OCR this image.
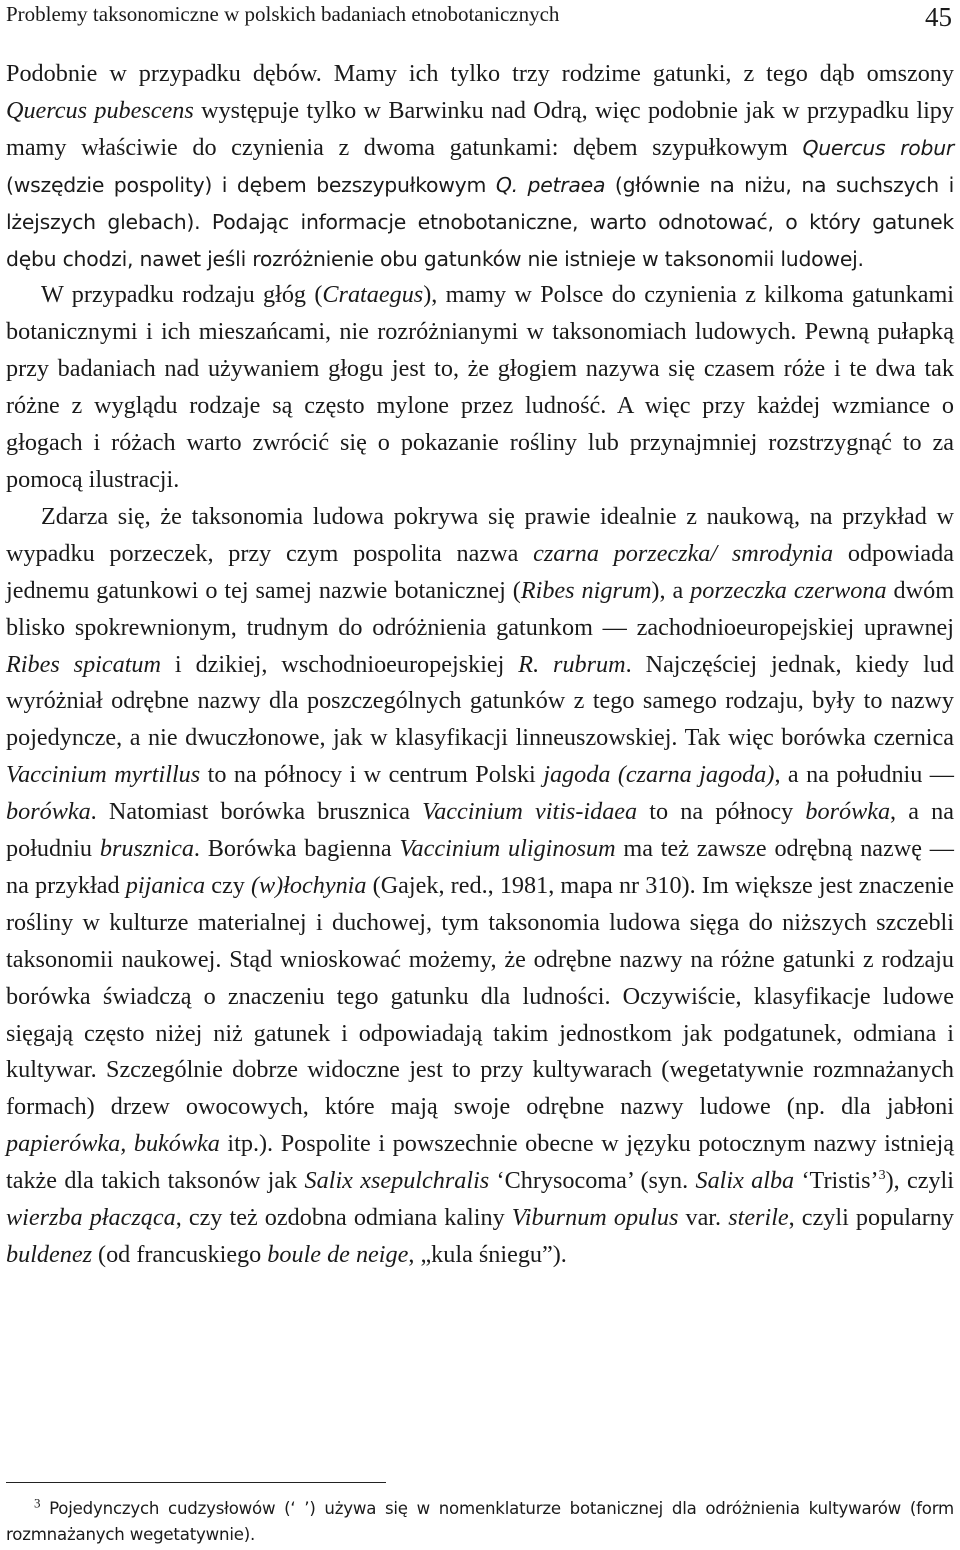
Problemy taksonomiczne w polskich badaniach etnobotanicznych	45

Podobnie w przypadku dębów. Mamy ich tylko trzy rodzime gatunki, z tego dąb omszony Quercus pubescens występuje tylko w Barwinku nad Odrą, więc podobnie jak w przypadku lipy mamy właściwie do czynienia z dwoma gatunkami: dębem szypułkowym Quercus robur (wszędzie pospolity) i dębem bezszypułkowym Q. petraea (głównie na niżu, na suchszych i lżejszych glebach). Podając informacje etnobotaniczne, warto odnotować, o który gatunek dębu chodzi, nawet jeśli rozróżnienie obu gatunków nie istnieje w taksonomii ludowej.

W przypadku rodzaju głóg (Crataegus), mamy w Polsce do czynienia z kilkoma gatunkami botanicznymi i ich mieszańcami, nie rozróżnianymi w taksonomiach ludowych. Pewną pułapką przy badaniach nad używaniem głogu jest to, że głogiem nazywa się czasem róże i te dwa tak różne z wyglądu rodzaje są często mylone przez ludność. A więc przy każdej wzmiance o głogach i różach warto zwrócić się o pokazanie rośliny lub przynajmniej rozstrzygnąć to za pomocą ilustracji.

Zdarza się, że taksonomia ludowa pokrywa się prawie idealnie z naukową, na przykład w wypadku porzeczek, przy czym pospolita nazwa czarna porzeczka/ smrodynia odpowiada jednemu gatunkowi o tej samej nazwie botanicznej (Ribes nigrum), a porzeczka czerwona dwóm blisko spokrewnionym, trudnym do odróżnienia gatunkom — zachodnioeuropejskiej uprawnej Ribes spicatum i dzikiej, wschodnioeuropejskiej R. rubrum. Najczęściej jednak, kiedy lud wyróżniał odrębne nazwy dla poszczególnych gatunków z tego samego rodzaju, były to nazwy pojedyncze, a nie dwuczłonowe, jak w klasyfikacji linneuszowskiej. Tak więc borówka czernica Vaccinium myrtillus to na północy i w centrum Polski jagoda (czarna jagoda), a na południu — borówka. Natomiast borówka brusznica Vaccinium vitis-idaea to na północy borówka, a na południu brusznica. Borówka bagienna Vaccinium uliginosum ma też zawsze odrębną nazwę — na przykład pijanica czy (w)łochynia (Gajek, red., 1981, mapa nr 310). Im większe jest znaczenie rośliny w kulturze materialnej i duchowej, tym taksonomia ludowa sięga do niższych szczebli taksonomii naukowej. Stąd wnioskować możemy, że odrębne nazwy na różne gatunki z rodzaju borówka świadczą o znaczeniu tego gatunku dla ludności. Oczywiście, klasyfikacje ludowe sięgają często niżej niż gatunek i odpowiadają takim jednostkom jak podgatunek, odmiana i kultywar. Szczególnie dobrze widoczne jest to przy kultywarach (wegetatywnie rozmnażanych formach) drzew owocowych, które mają swoje odrębne nazwy ludowe (np. dla jabłoni papierówka, bukówka itp.). Pospolite i powszechnie obecne w języku potocznym nazwy istnieją także dla takich taksonów jak Salix xsepulchralis ‘Chrysocoma’ (syn. Salix alba ‘Tristis’$^3$), czyli wierzba płacząca, czy też ozdobna odmiana kaliny Viburnum opulus var. sterile, czyli popularny buldenez (od francuskiego boule de neige, „kula śniegu”).

$^3$ Pojedynczych cudzysłowów (‘ ’) używa się w nomenklaturze botanicznej dla odróżnienia kultywarów (form rozmnażanych wegetatywnie).
